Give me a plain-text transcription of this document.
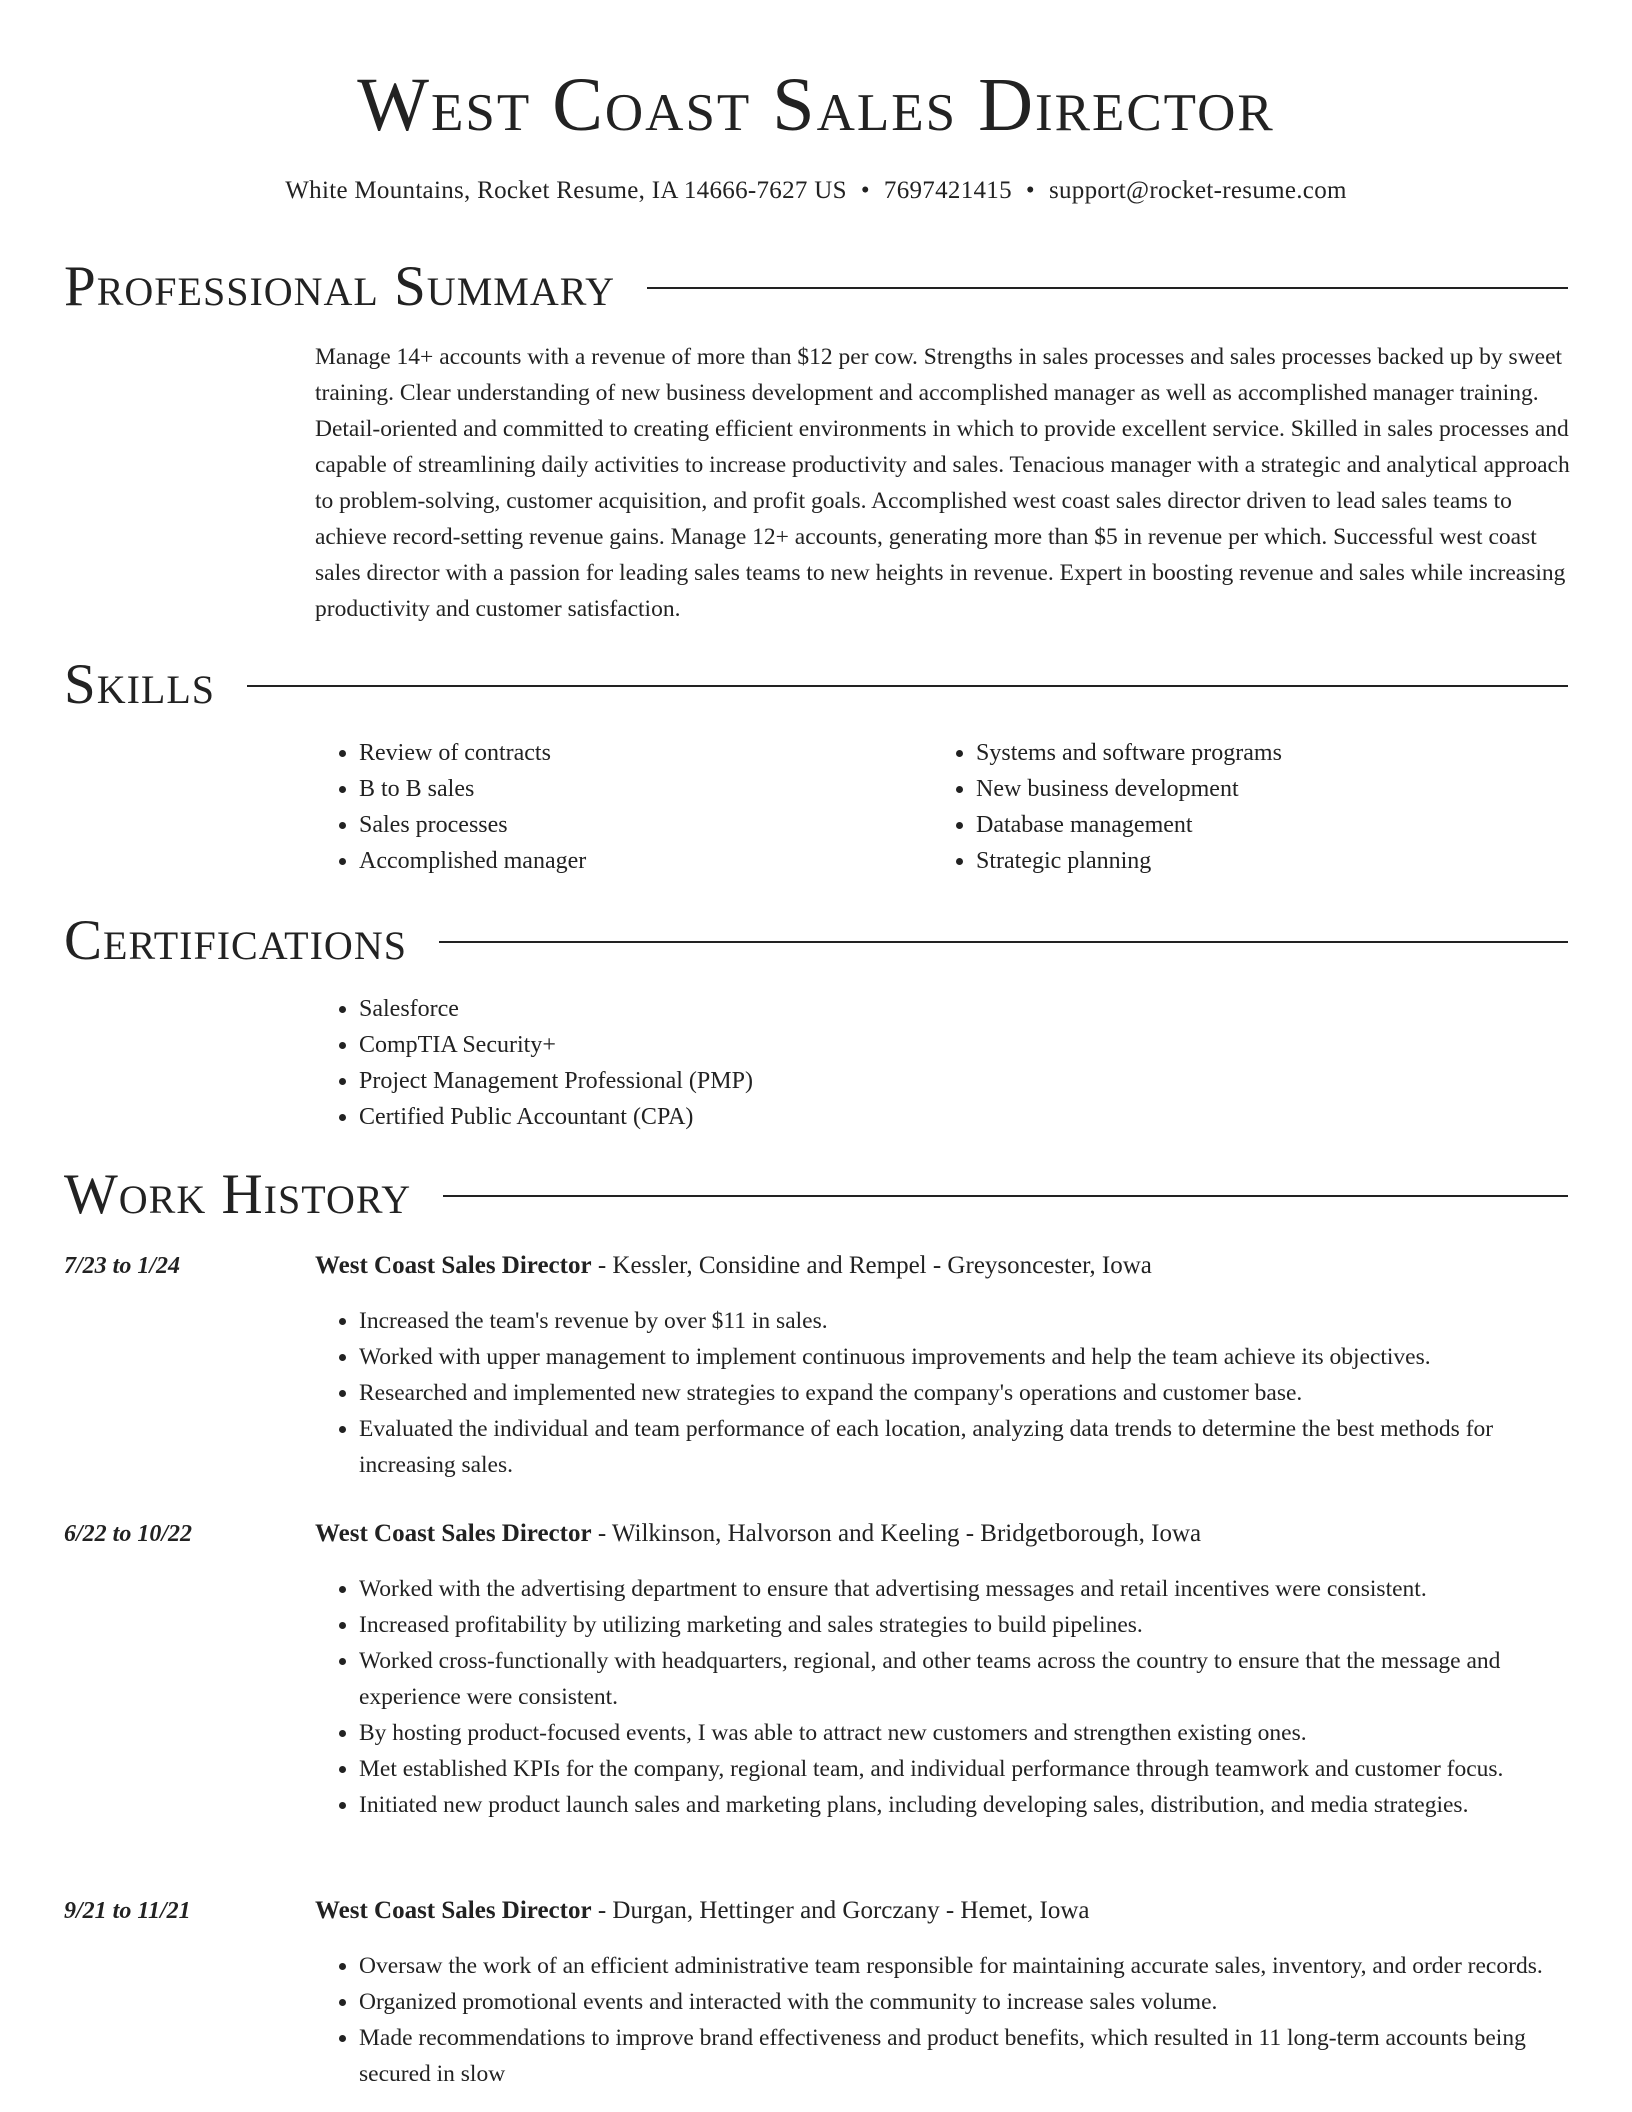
West Coast Sales Director
White Mountains, Rocket Resume, IA 14666-7627 US • 7697421415 • support@rocket-resume.com
Professional Summary

Manage 14+ accounts with a revenue of more than $12 per cow. Strengths in sales processes and sales processes backed up by sweet training. Clear understanding of new business development and accomplished manager as well as accomplished manager training. Detail-oriented and committed to creating efficient environments in which to provide excellent service. Skilled in sales processes and capable of streamlining daily activities to increase productivity and sales. Tenacious manager with a strategic and analytical approach to problem-solving, customer acquisition, and profit goals. Accomplished west coast sales director driven to lead sales teams to achieve record-setting revenue gains. Manage 12+ accounts, generating more than $5 in revenue per which. Successful west coast sales director with a passion for leading sales teams to new heights in revenue. Expert in boosting revenue and sales while increasing productivity and customer satisfaction.

Skills
• Review of contracts
• B to B sales
• Sales processes
• Accomplished manager
• Systems and software programs
• New business development
• Database management
• Strategic planning
Certifications
• Salesforce
• CompTIA Security+
• Project Management Professional (PMP)
• Certified Public Accountant (CPA)
Work History
7/23 to 1/24	West Coast Sales Director - Kessler, Considine and Rempel - Greysoncester, Iowa
• Increased the team's revenue by over $11 in sales.
• Worked with upper management to implement continuous improvements and help the team achieve its objectives.
• Researched and implemented new strategies to expand the company's operations and customer base.
• Evaluated the individual and team performance of each location, analyzing data trends to determine the best methods for increasing sales.
6/22 to 10/22	West Coast Sales Director - Wilkinson, Halvorson and Keeling - Bridgetborough, Iowa
• Worked with the advertising department to ensure that advertising messages and retail incentives were consistent.
• Increased profitability by utilizing marketing and sales strategies to build pipelines.
• Worked cross-functionally with headquarters, regional, and other teams across the country to ensure that the message and experience were consistent.
• By hosting product-focused events, I was able to attract new customers and strengthen existing ones.
• Met established KPIs for the company, regional team, and individual performance through teamwork and customer focus.
• Initiated new product launch sales and marketing plans, including developing sales, distribution, and media strategies.
9/21 to 11/21	West Coast Sales Director - Durgan, Hettinger and Gorczany - Hemet, Iowa
• Oversaw the work of an efficient administrative team responsible for maintaining accurate sales, inventory, and order records.
• Organized promotional events and interacted with the community to increase sales volume.
• Made recommendations to improve brand effectiveness and product benefits, which resulted in 11 long-term accounts being secured in slow
